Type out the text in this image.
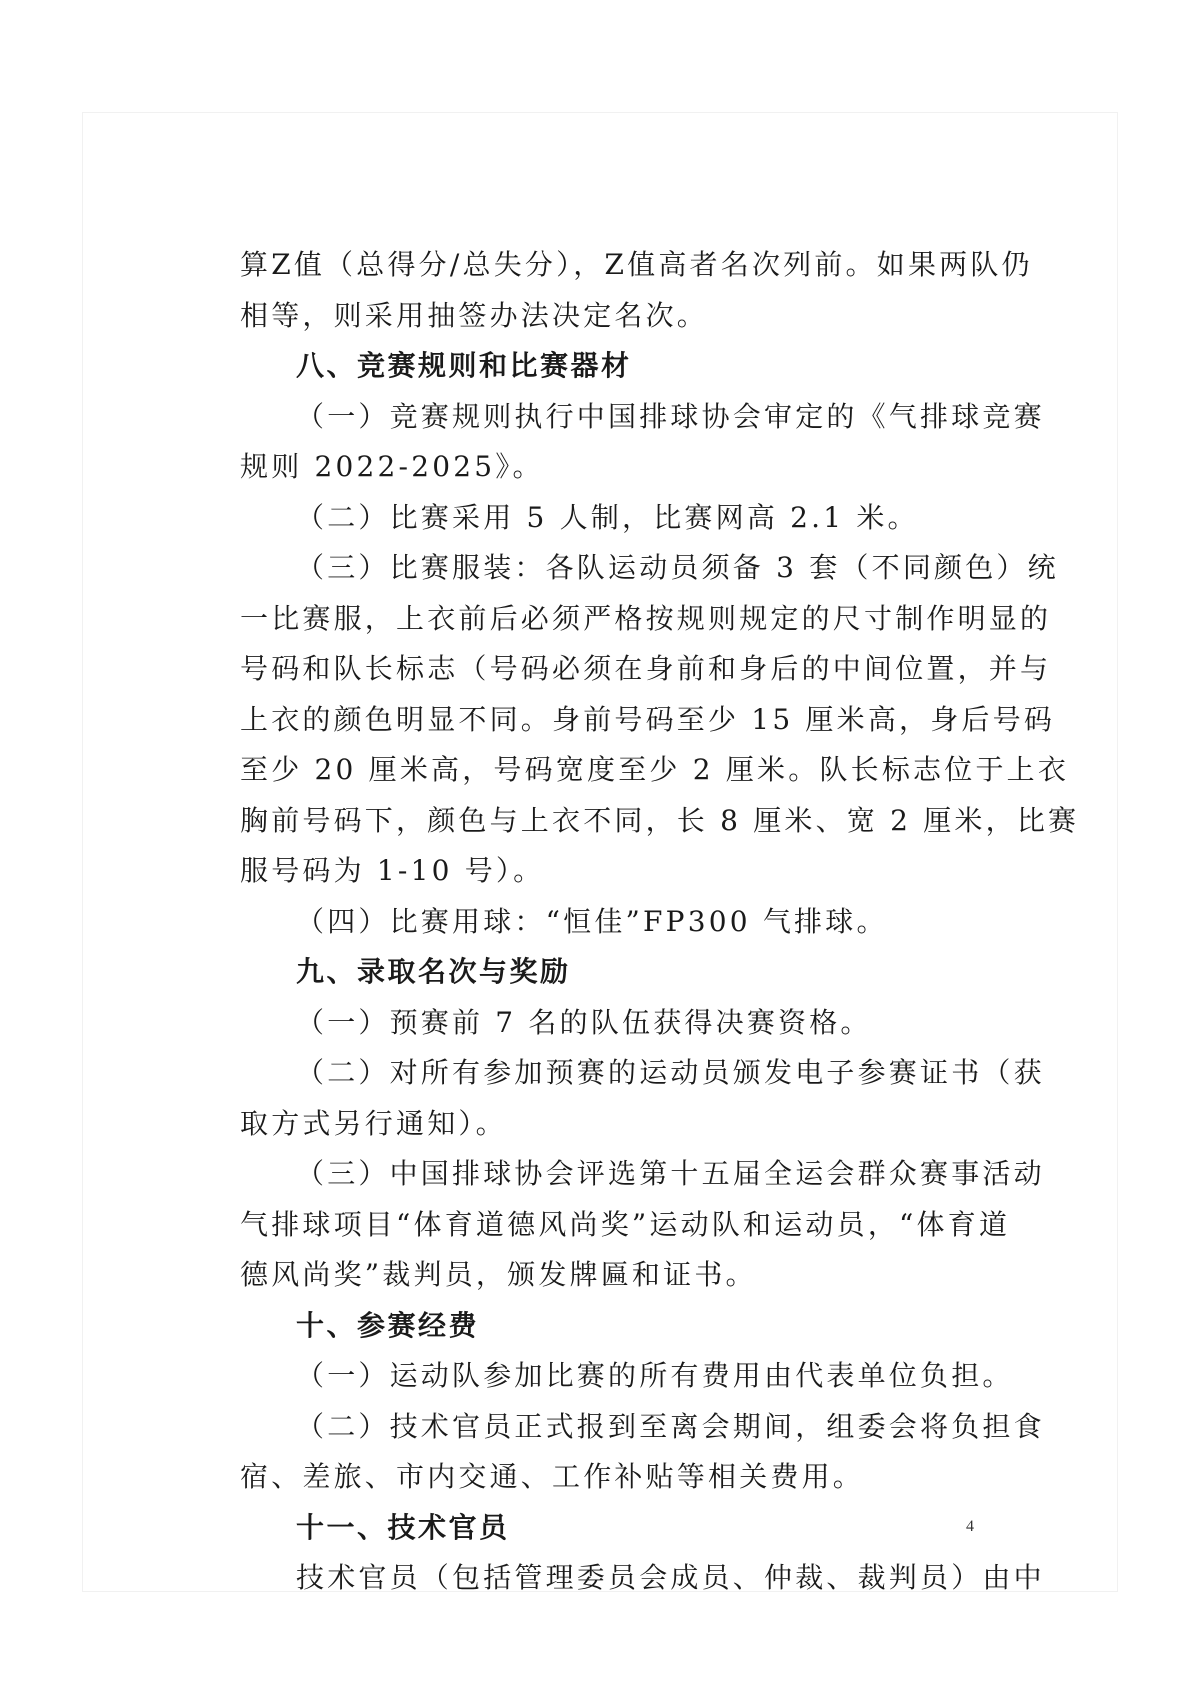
算Z值（总得分/总失分），Z值高者名次列前。如果两队仍
相等，则采用抽签办法决定名次。
八、竞赛规则和比赛器材
（一）竞赛规则执行中国排球协会审定的《气排球竞赛
规则 2022-2025》。
（二）比赛采用 5 人制，比赛网高 2.1 米。
（三）比赛服装：各队运动员须备 3 套（不同颜色）统
一比赛服，上衣前后必须严格按规则规定的尺寸制作明显的
号码和队长标志（号码必须在身前和身后的中间位置，并与
上衣的颜色明显不同。身前号码至少 15 厘米高，身后号码
至少 20 厘米高，号码宽度至少 2 厘米。队长标志位于上衣
胸前号码下，颜色与上衣不同，长 8 厘米、宽 2 厘米，比赛
服号码为 1-10 号）。
（四）比赛用球：“恒佳”FP300 气排球。
九、录取名次与奖励
（一）预赛前 7 名的队伍获得决赛资格。
（二）对所有参加预赛的运动员颁发电子参赛证书（获
取方式另行通知）。
（三）中国排球协会评选第十五届全运会群众赛事活动
气排球项目“体育道德风尚奖”运动队和运动员，“体育道
德风尚奖”裁判员，颁发牌匾和证书。
十、参赛经费
（一）运动队参加比赛的所有费用由代表单位负担。
（二）技术官员正式报到至离会期间，组委会将负担食
宿、差旅、市内交通、工作补贴等相关费用。
十一、技术官员
技术官员（包括管理委员会成员、仲裁、裁判员）由中
4
